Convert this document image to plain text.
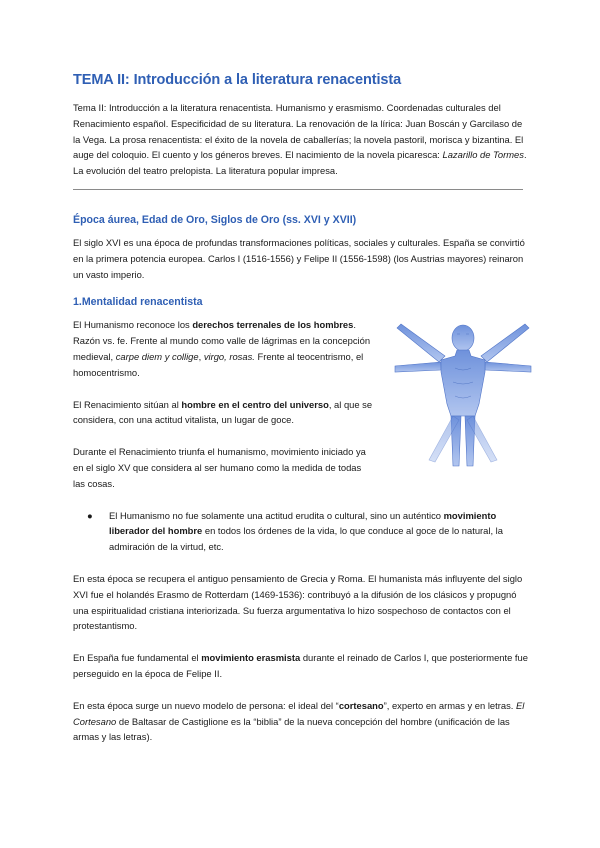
TEMA II: Introducción a la literatura renacentista

Tema II: Introducción a la literatura renacentista. Humanismo y erasmismo. Coordenadas culturales del Renacimiento español. Especificidad de su literatura. La renovación de la lírica: Juan Boscán y Garcilaso de la Vega. La prosa renacentista: el éxito de la novela de caballerías; la novela pastoril, morisca y bizantina. El auge del coloquio. El cuento y los géneros breves. El nacimiento de la novela picaresca: Lazarillo de Tormes. La evolución del teatro prelopista. La literatura popular impresa.

Época áurea, Edad de Oro, Siglos de Oro (ss. XVI y XVII)

El siglo XVI es una época de profundas transformaciones políticas, sociales y culturales. España se convirtió en la primera potencia europea. Carlos I (1516-1556) y Felipe II (1556-1598) (los Austrias mayores) reinaron un vasto imperio.

1.Mentalidad renacentista

El Humanismo reconoce los derechos terrenales de los hombres. Razón vs. fe. Frente al mundo como valle de lágrimas en la concepción medieval, carpe diem y collige, virgo, rosas. Frente al teocentrismo, el homocentrismo.

El Renacimiento sitúan al hombre en el centro del universo, al que se considera, con una actitud vitalista, un lugar de goce.

Durante el Renacimiento triunfa el humanismo, movimiento iniciado ya en el siglo XV que considera al ser humano como la medida de todas las cosas.

● El Humanismo no fue solamente una actitud erudita o cultural, sino un auténtico movimiento liberador del hombre en todos los órdenes de la vida, lo que conduce al goce de lo natural, la admiración de la virtud, etc.

En esta época se recupera el antiguo pensamiento de Grecia y Roma. El humanista más influyente del siglo XVI fue el holandés Erasmo de Rotterdam (1469-1536): contribuyó a la difusión de los clásicos y propugnó una espiritualidad cristiana interiorizada. Su fuerza argumentativa lo hizo sospechoso de contactos con el protestantismo.

En España fue fundamental el movimiento erasmista durante el reinado de Carlos I, que posteriormente fue perseguido en la época de Felipe II.

En esta época surge un nuevo modelo de persona: el ideal del “cortesano”, experto en armas y en letras. El Cortesano de Baltasar de Castiglione es la “biblia” de la nueva concepción del hombre (unificación de las armas y las letras).
